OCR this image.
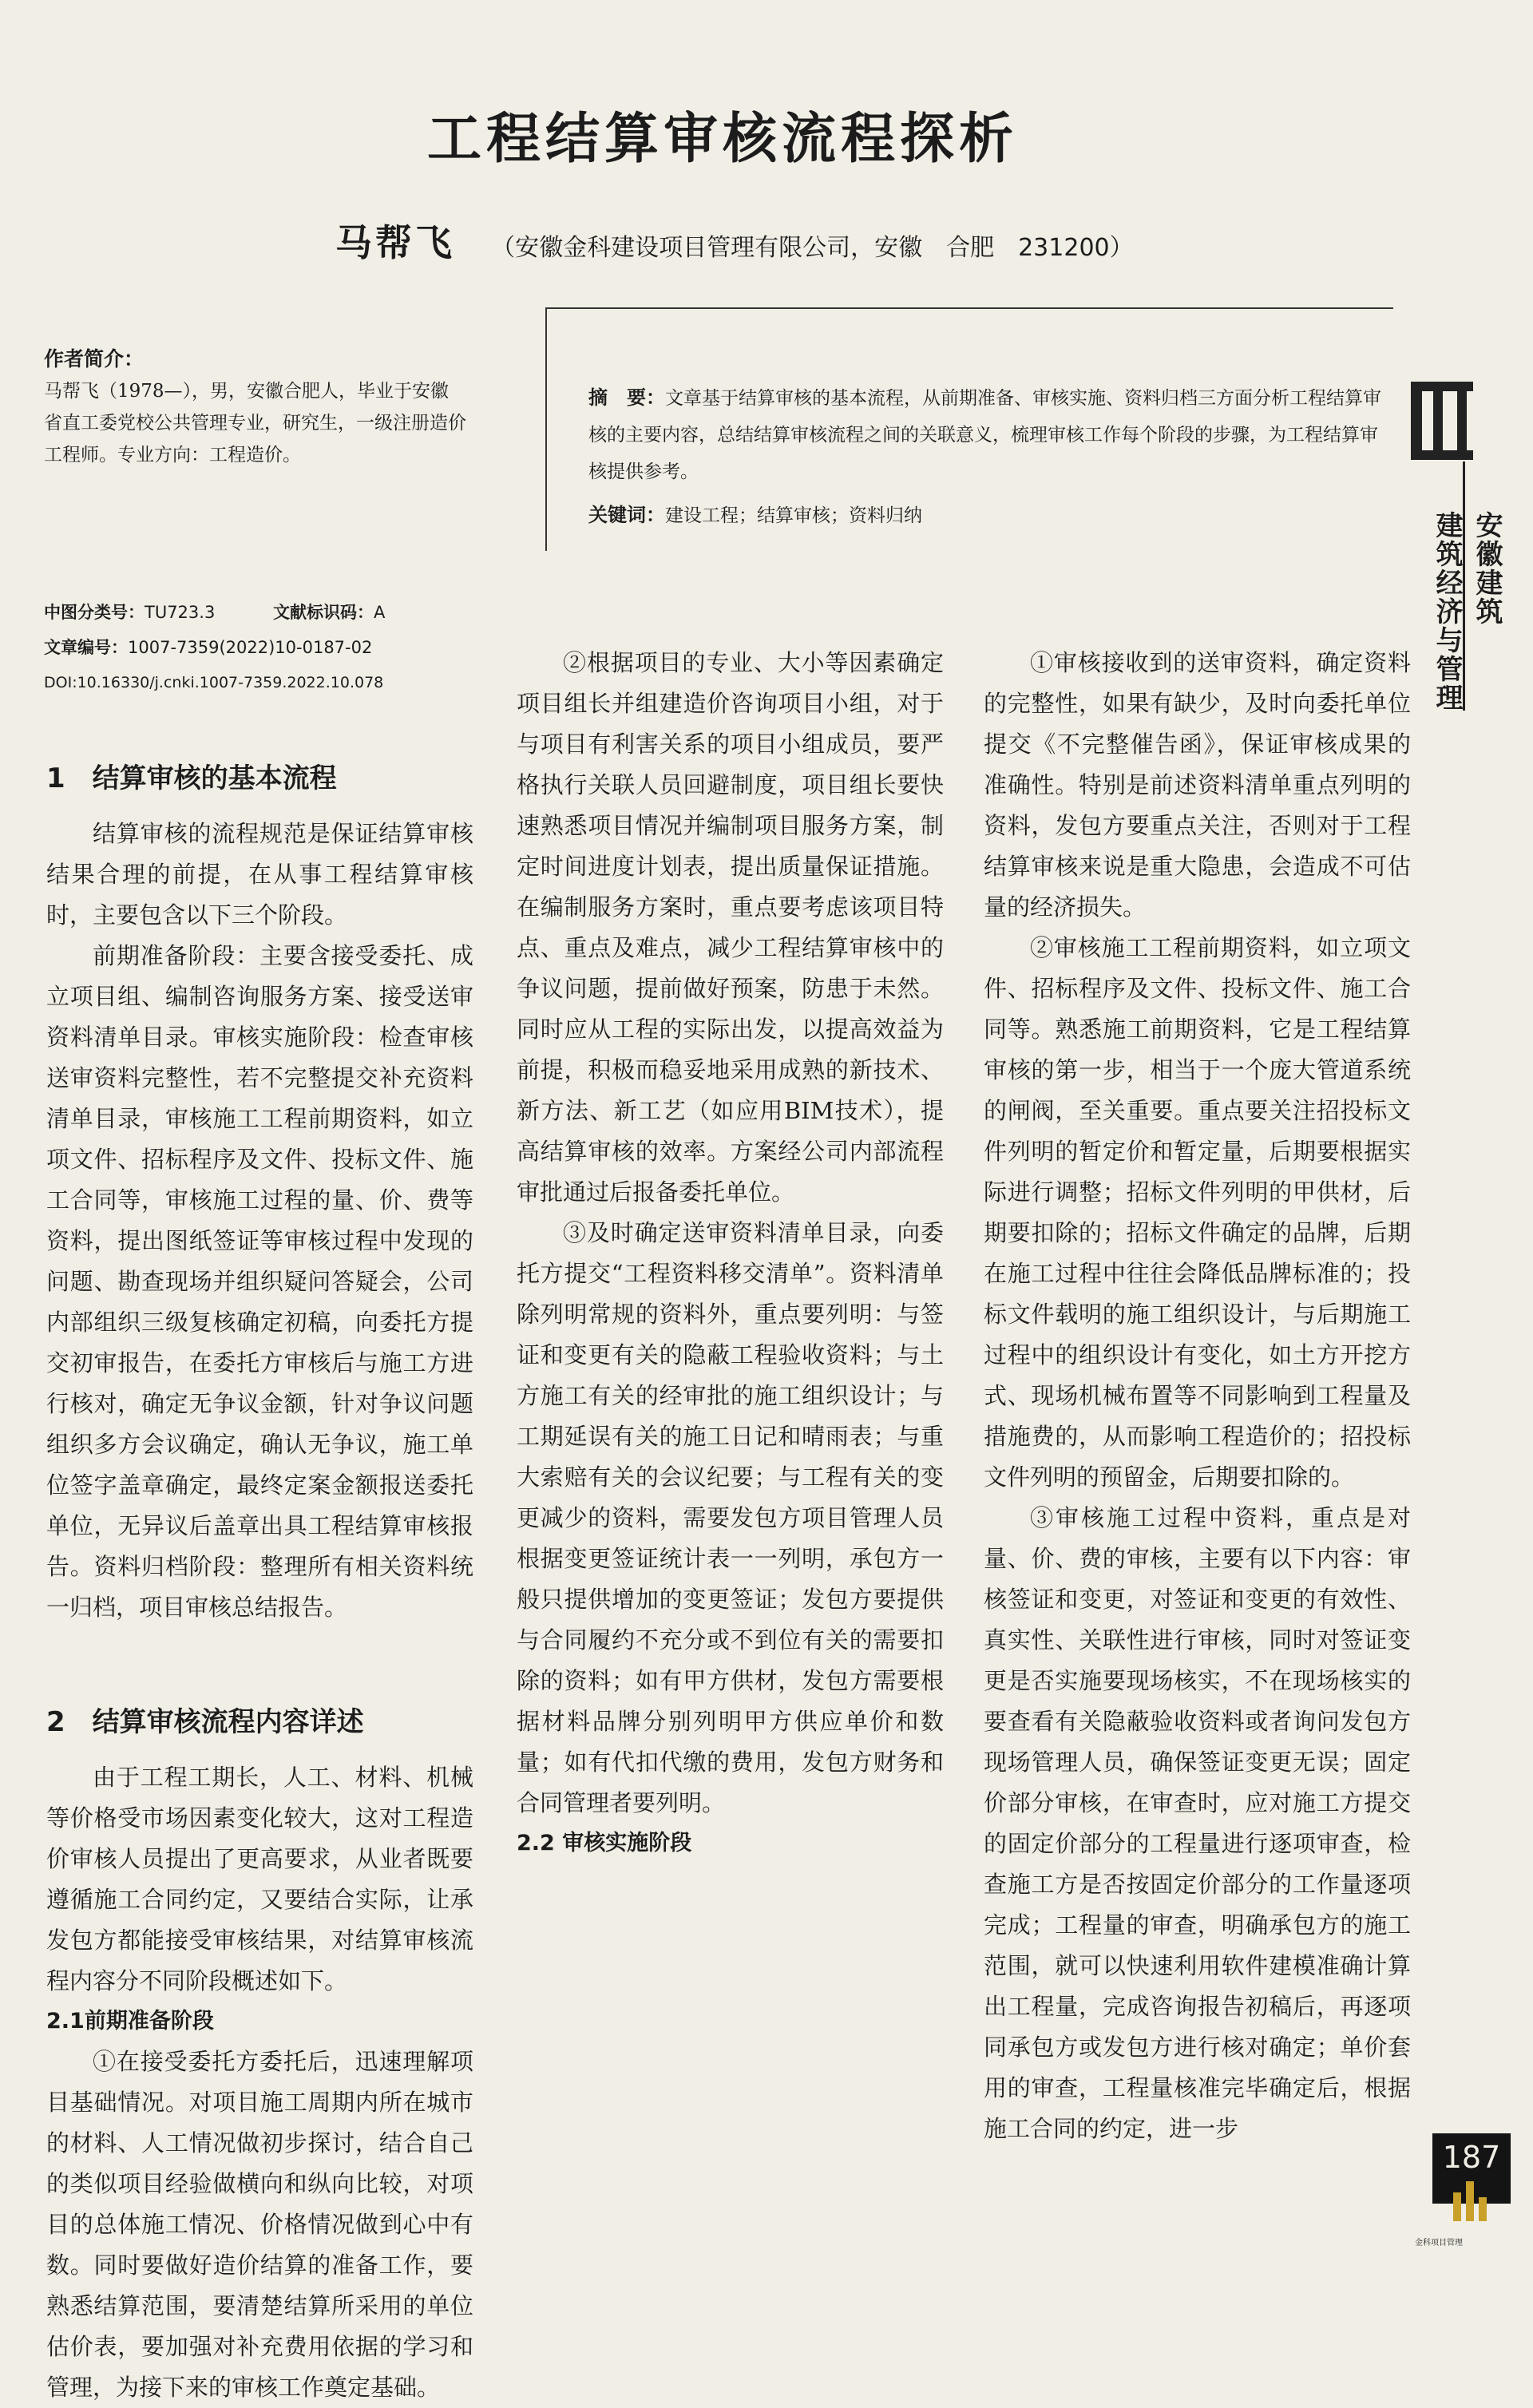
工程结算审核流程探析
马帮飞 （安徽金科建设项目管理有限公司，安徽　合肥　231200）
作者简介：
马帮飞（1978—），男，安徽合肥人，毕业于安徽省直工委党校公共管理专业，研究生，一级注册造价工程师。专业方向：工程造价。
摘　要：文章基于结算审核的基本流程，从前期准备、审核实施、资料归档三方面分析工程结算审核的主要内容，总结结算审核流程之间的关联意义，梳理审核工作每个阶段的步骤，为工程结算审核提供参考。
关键词：建设工程；结算审核；资料归纳	建筑经济与管理 安徽建筑
中图分类号：TU723.3	文献标识码：A
文章编号：1007-7359(2022)10-0187-02
DOI:10.16330/j.cnki.1007-7359.2022.10.078
1　结算审核的基本流程

结算审核的流程规范是保证结算审核结果合理的前提，在从事工程结算审核时，主要包含以下三个阶段。

前期准备阶段：主要含接受委托、成立项目组、编制咨询服务方案、接受送审资料清单目录。审核实施阶段：检查审核送审资料完整性，若不完整提交补充资料清单目录，审核施工工程前期资料，如立项文件、招标程序及文件、投标文件、施工合同等，审核施工过程的量、价、费等资料，提出图纸签证等审核过程中发现的问题、勘查现场并组织疑问答疑会，公司内部组织三级复核确定初稿，向委托方提交初审报告，在委托方审核后与施工方进行核对，确定无争议金额，针对争议问题组织多方会议确定，确认无争议，施工单位签字盖章确定，最终定案金额报送委托单位，无异议后盖章出具工程结算审核报告。资料归档阶段：整理所有相关资料统一归档，项目审核总结报告。

2　结算审核流程内容详述

由于工程工期长，人工、材料、机械等价格受市场因素变化较大，这对工程造价审核人员提出了更高要求，从业者既要遵循施工合同约定，又要结合实际，让承发包方都能接受审核结果，对结算审核流程内容分不同阶段概述如下。

2.1前期准备阶段

①在接受委托方委托后，迅速理解项目基础情况。对项目施工周期内所在城市的材料、人工情况做初步探讨，结合自己的类似项目经验做横向和纵向比较，对项目的总体施工情况、价格情况做到心中有数。同时要做好造价结算的准备工作，要熟悉结算范围，要清楚结算所采用的单位估价表，要加强对补充费用依据的学习和管理，为接下来的审核工作奠定基础。

②根据项目的专业、大小等因素确定项目组长并组建造价咨询项目小组，对于与项目有利害关系的项目小组成员，要严格执行关联人员回避制度，项目组长要快速熟悉项目情况并编制项目服务方案，制定时间进度计划表，提出质量保证措施。在编制服务方案时，重点要考虑该项目特点、重点及难点，减少工程结算审核中的争议问题，提前做好预案，防患于未然。同时应从工程的实际出发，以提高效益为前提，积极而稳妥地采用成熟的新技术、新方法、新工艺（如应用BIM技术），提高结算审核的效率。方案经公司内部流程审批通过后报备委托单位。

③及时确定送审资料清单目录，向委托方提交“工程资料移交清单”。资料清单除列明常规的资料外，重点要列明：与签证和变更有关的隐蔽工程验收资料；与土方施工有关的经审批的施工组织设计；与工期延误有关的施工日记和晴雨表；与重大索赔有关的会议纪要；与工程有关的变更减少的资料，需要发包方项目管理人员根据变更签证统计表一一列明，承包方一般只提供增加的变更签证；发包方要提供与合同履约不充分或不到位有关的需要扣除的资料；如有甲方供材，发包方需要根据材料品牌分别列明甲方供应单价和数量；如有代扣代缴的费用，发包方财务和合同管理者要列明。

2.2 审核实施阶段

①审核接收到的送审资料，确定资料的完整性，如果有缺少，及时向委托单位提交《不完整催告函》，保证审核成果的准确性。特别是前述资料清单重点列明的资料，发包方要重点关注，否则对于工程结算审核来说是重大隐患，会造成不可估量的经济损失。

②审核施工工程前期资料，如立项文件、招标程序及文件、投标文件、施工合同等。熟悉施工前期资料，它是工程结算审核的第一步，相当于一个庞大管道系统的闸阀，至关重要。重点要关注招投标文件列明的暂定价和暂定量，后期要根据实际进行调整；招标文件列明的甲供材，后期要扣除的；招标文件确定的品牌，后期在施工过程中往往会降低品牌标准的；投标文件载明的施工组织设计，与后期施工过程中的组织设计有变化，如土方开挖方式、现场机械布置等不同影响到工程量及措施费的，从而影响工程造价的；招投标文件列明的预留金，后期要扣除的。

③审核施工过程中资料，重点是对量、价、费的审核，主要有以下内容：审核签证和变更，对签证和变更的有效性、真实性、关联性进行审核，同时对签证变更是否实施要现场核实，不在现场核实的要查看有关隐蔽验收资料或者询问发包方现场管理人员，确保签证变更无误；固定价部分审核，在审查时，应对施工方提交的固定价部分的工程量进行逐项审查，检查施工方是否按固定价部分的工作量逐项完成；工程量的审查，明确承包方的施工范围，就可以快速利用软件建模准确计算出工程量，完成咨询报告初稿后，再逐项同承包方或发包方进行核对确定；单价套用的审查，工程量核准完毕确定后，根据施工合同的约定，进一步

187
金科项目管理
